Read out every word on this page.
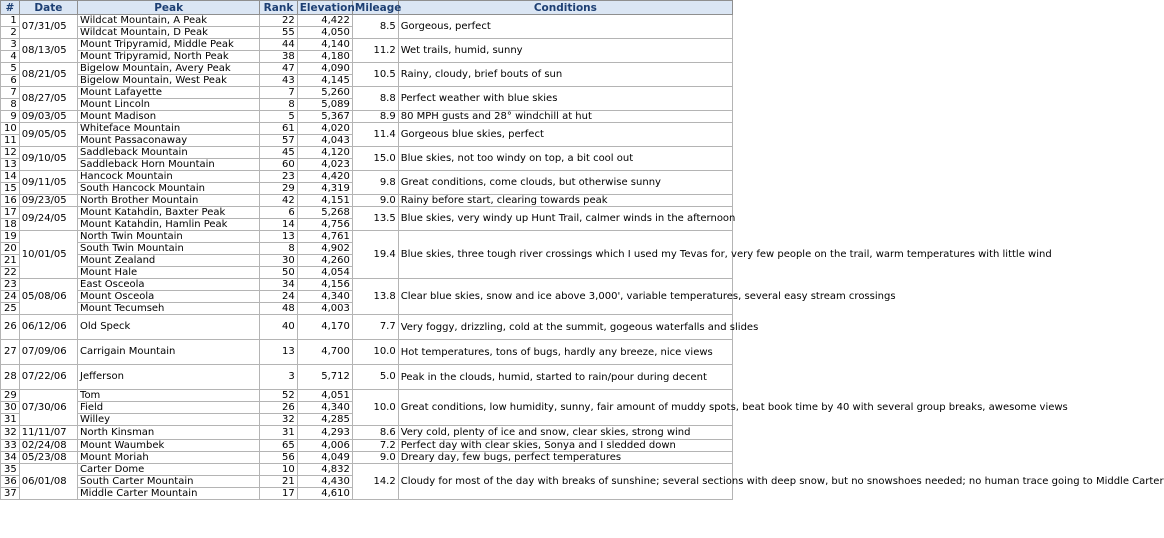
#	Date	Peak	Rank	Elevation	Mileage	Conditions
1	07/31/05	Wildcat Mountain, A Peak	22	4,422	8.5	Gorgeous, perfect
2		Wildcat Mountain, D Peak	55	4,050		
3	08/13/05	Mount Tripyramid, Middle Peak	44	4,140	11.2	Wet trails, humid, sunny
4		Mount Tripyramid, North Peak	38	4,180		
5	08/21/05	Bigelow Mountain, Avery Peak	47	4,090	10.5	Rainy, cloudy, brief bouts of sun
6		Bigelow Mountain, West Peak	43	4,145		
7	08/27/05	Mount Lafayette	7	5,260	8.8	Perfect weather with blue skies
8		Mount Lincoln	8	5,089		
9	09/03/05	Mount Madison	5	5,367	8.9	80 MPH gusts and 28° windchill at hut
10	09/05/05	Whiteface Mountain	61	4,020	11.4	Gorgeous blue skies, perfect
11		Mount Passaconaway	57	4,043		
12	09/10/05	Saddleback Mountain	45	4,120	15.0	Blue skies, not too windy on top, a bit cool out
13		Saddleback Horn Mountain	60	4,023		
14	09/11/05	Hancock Mountain	23	4,420	9.8	Great conditions, come clouds, but otherwise sunny
15		South Hancock Mountain	29	4,319		
16	09/23/05	North Brother Mountain	42	4,151	9.0	Rainy before start, clearing towards peak
17	09/24/05	Mount Katahdin, Baxter Peak	6	5,268	13.5	Blue skies, very windy up Hunt Trail, calmer winds in the afternoon
18		Mount Katahdin, Hamlin Peak	14	4,756		
19	10/01/05	North Twin Mountain	13	4,761	19.4	Blue skies, three tough river crossings which I used my Tevas for, very few people on the trail, warm temperatures with little wind
20		South Twin Mountain	8	4,902		
21		Mount Zealand	30	4,260		
22		Mount Hale	50	4,054		
23	05/08/06	East Osceola	34	4,156	13.8	Clear blue skies, snow and ice above 3,000', variable temperatures, several easy stream crossings
24		Mount Osceola	24	4,340		
25		Mount Tecumseh	48	4,003		
26	06/12/06	Old Speck	40	4,170	7.7	Very foggy, drizzling, cold at the summit, gogeous waterfalls and slides
27	07/09/06	Carrigain Mountain	13	4,700	10.0	Hot temperatures, tons of bugs, hardly any breeze, nice views
28	07/22/06	Jefferson	3	5,712	5.0	Peak in the clouds, humid, started to rain/pour during decent
29	07/30/06	Tom	52	4,051	10.0	Great conditions, low humidity, sunny, fair amount of muddy spots, beat book time by 40 with several group breaks, awesome views
30		Field	26	4,340		
31		Willey	32	4,285		
32	11/11/07	North Kinsman	31	4,293	8.6	Very cold, plenty of ice and snow, clear skies, strong wind
33	02/24/08	Mount Waumbek	65	4,006	7.2	Perfect day with clear skies, Sonya and I sledded down
34	05/23/08	Mount Moriah	56	4,049	9.0	Dreary day, few bugs, perfect temperatures
35	06/01/08	Carter Dome	10	4,832	14.2	Cloudy for most of the day with breaks of sunshine; several sections with deep snow, but no snowshoes needed; no human trace going to Middle Carter
36		South Carter Mountain	21	4,430		
37		Middle Carter Mountain	17	4,610		
